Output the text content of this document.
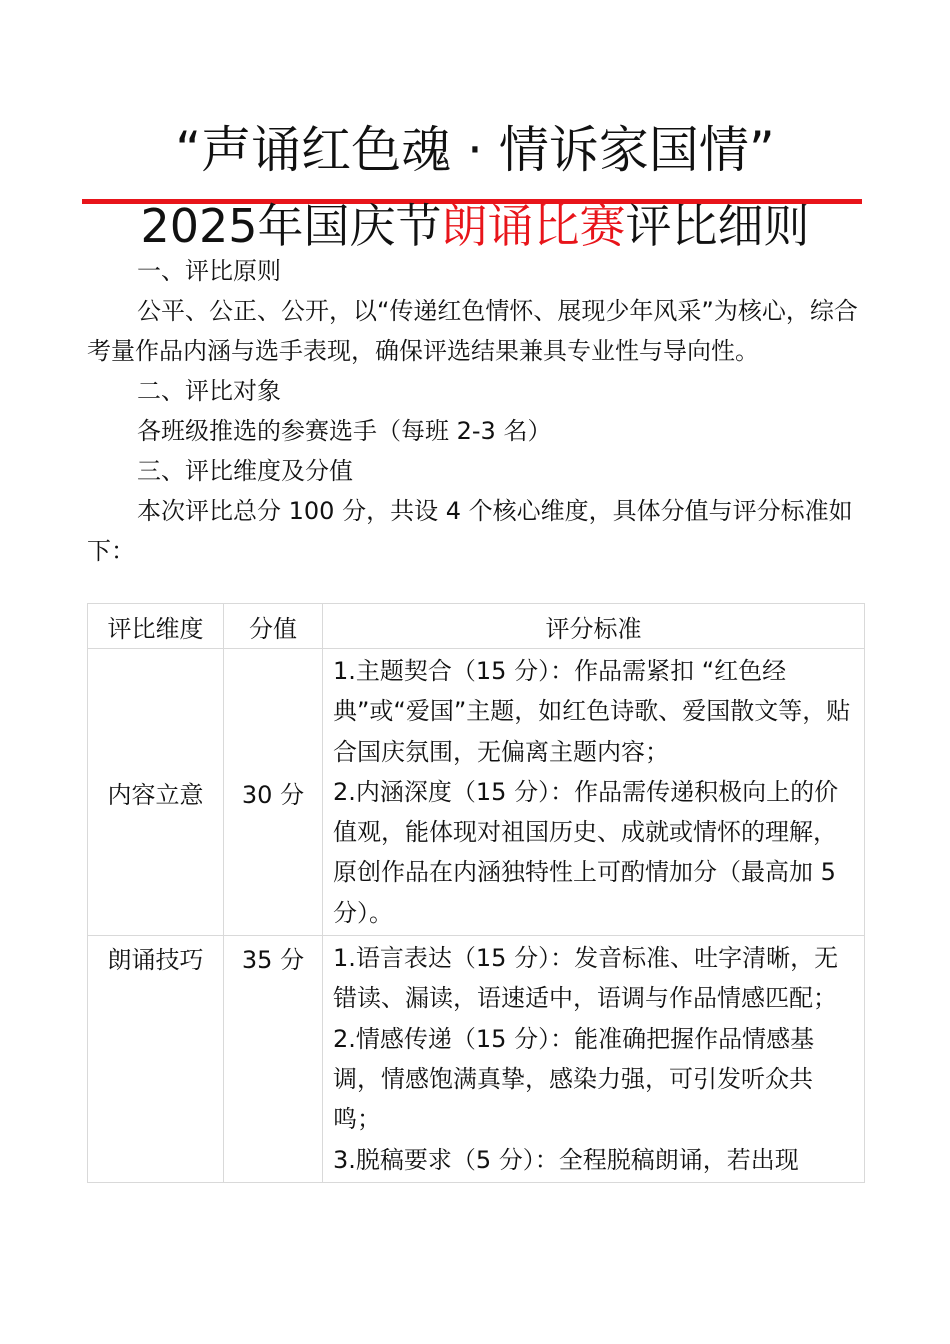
“声诵红色魂 · 情诉家国情”
2025年国庆节朗诵比赛评比细则

一、评比原则

公平、公正、公开，以“传递红色情怀、展现少年风采”为核心，综合考量作品内涵与选手表现，确保评选结果兼具专业性与导向性。

二、评比对象

各班级推选的参赛选手（每班 2-3 名）

三、评比维度及分值

本次评比总分 100 分，共设 4 个核心维度，具体分值与评分标准如下：

评比维度	分值	评分标准
内容立意	30 分	1.主题契合（15 分）：作品需紧扣 “红色经典”或“爱国”主题，如红色诗歌、爱国散文等，贴合国庆氛围，无偏离主题内容；

2.内涵深度（15 分）：作品需传递积极向上的价值观，能体现对祖国历史、成就或情怀的理解，原创作品在内涵独特性上可酌情加分（最高加 5 分）。

朗诵技巧	35 分	1.语言表达（15 分）：发音标准、吐字清晰，无错读、漏读，语速适中，语调与作品情感匹配；

2.情感传递（15 分）：能准确把握作品情感基调，情感饱满真挚，感染力强，可引发听众共鸣；

3.脱稿要求（5 分）：全程脱稿朗诵，若出现
